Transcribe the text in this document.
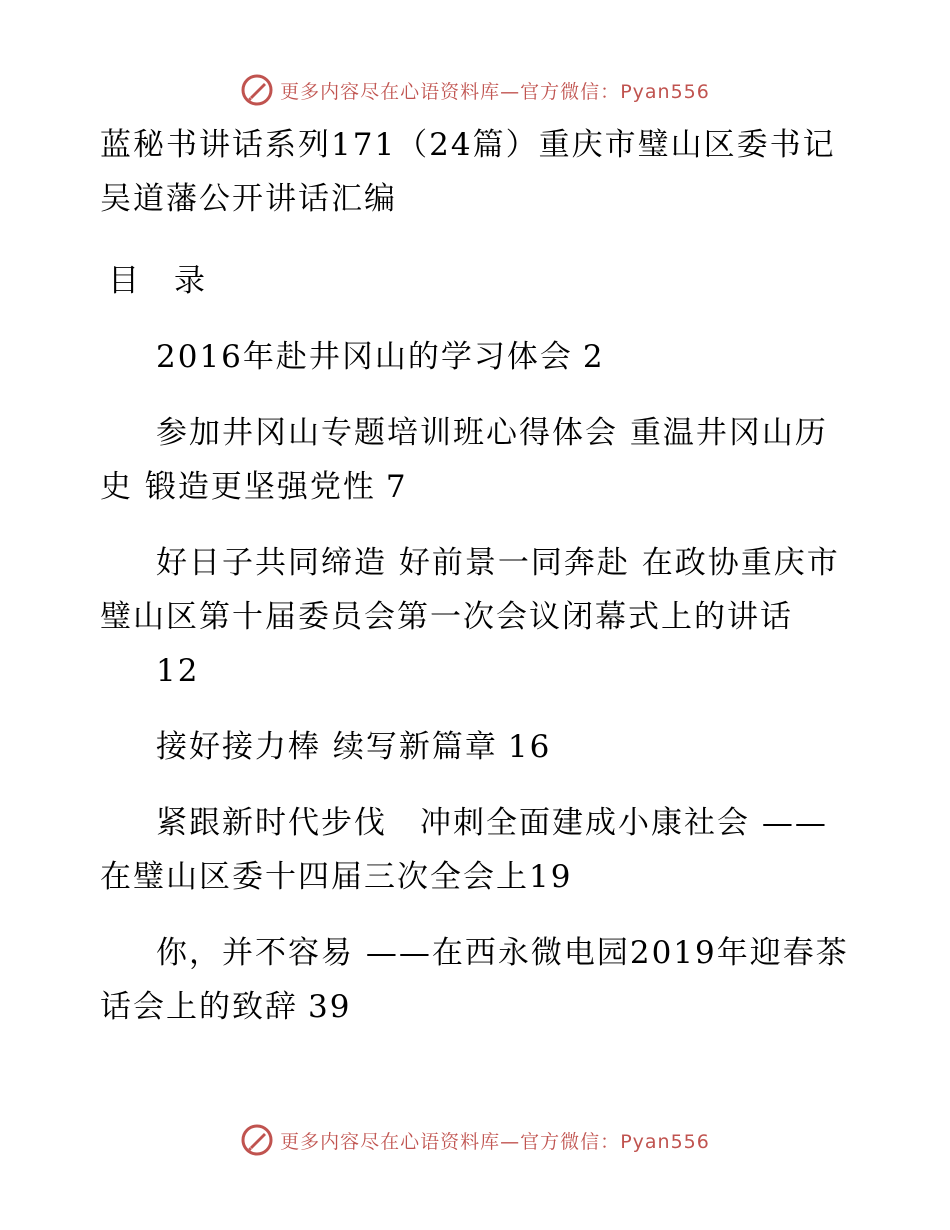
更多内容尽在心语资料库—官方微信：Pyan556
蓝秘书讲话系列171（24篇）重庆市璧山区委书记吴道藩公开讲话汇编
目　录
2016年赴井冈山的学习体会 2
参加井冈山专题培训班心得体会 重温井冈山历史 锻造更坚强党性 7
好日子共同缔造 好前景一同奔赴 在政协重庆市璧山区第十届委员会第一次会议闭幕式上的讲话
12
接好接力棒 续写新篇章 16
紧跟新时代步伐　冲刺全面建成小康社会 ——在璧山区委十四届三次全会上19
你，并不容易 ——在西永微电园2019年迎春茶话会上的致辞 39
更多内容尽在心语资料库—官方微信：Pyan556
